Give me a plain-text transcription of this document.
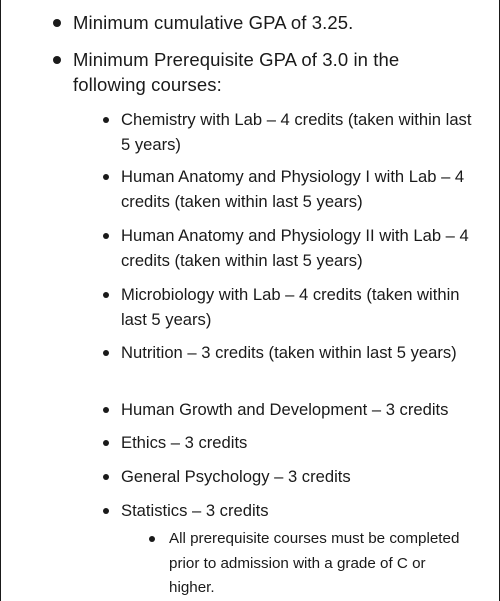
Minimum cumulative GPA of 3.25.
Minimum Prerequisite GPA of 3.0 in the following courses:
Chemistry with Lab – 4 credits (taken within last 5 years)
Human Anatomy and Physiology I with Lab – 4 credits (taken within last 5 years)
Human Anatomy and Physiology II with Lab – 4 credits (taken within last 5 years)
Microbiology with Lab – 4 credits (taken within last 5 years)
Nutrition – 3 credits (taken within last 5 years)
Human Growth and Development – 3 credits
Ethics – 3 credits
General Psychology – 3 credits
Statistics – 3 credits
All prerequisite courses must be completed prior to admission with a grade of C or higher.
